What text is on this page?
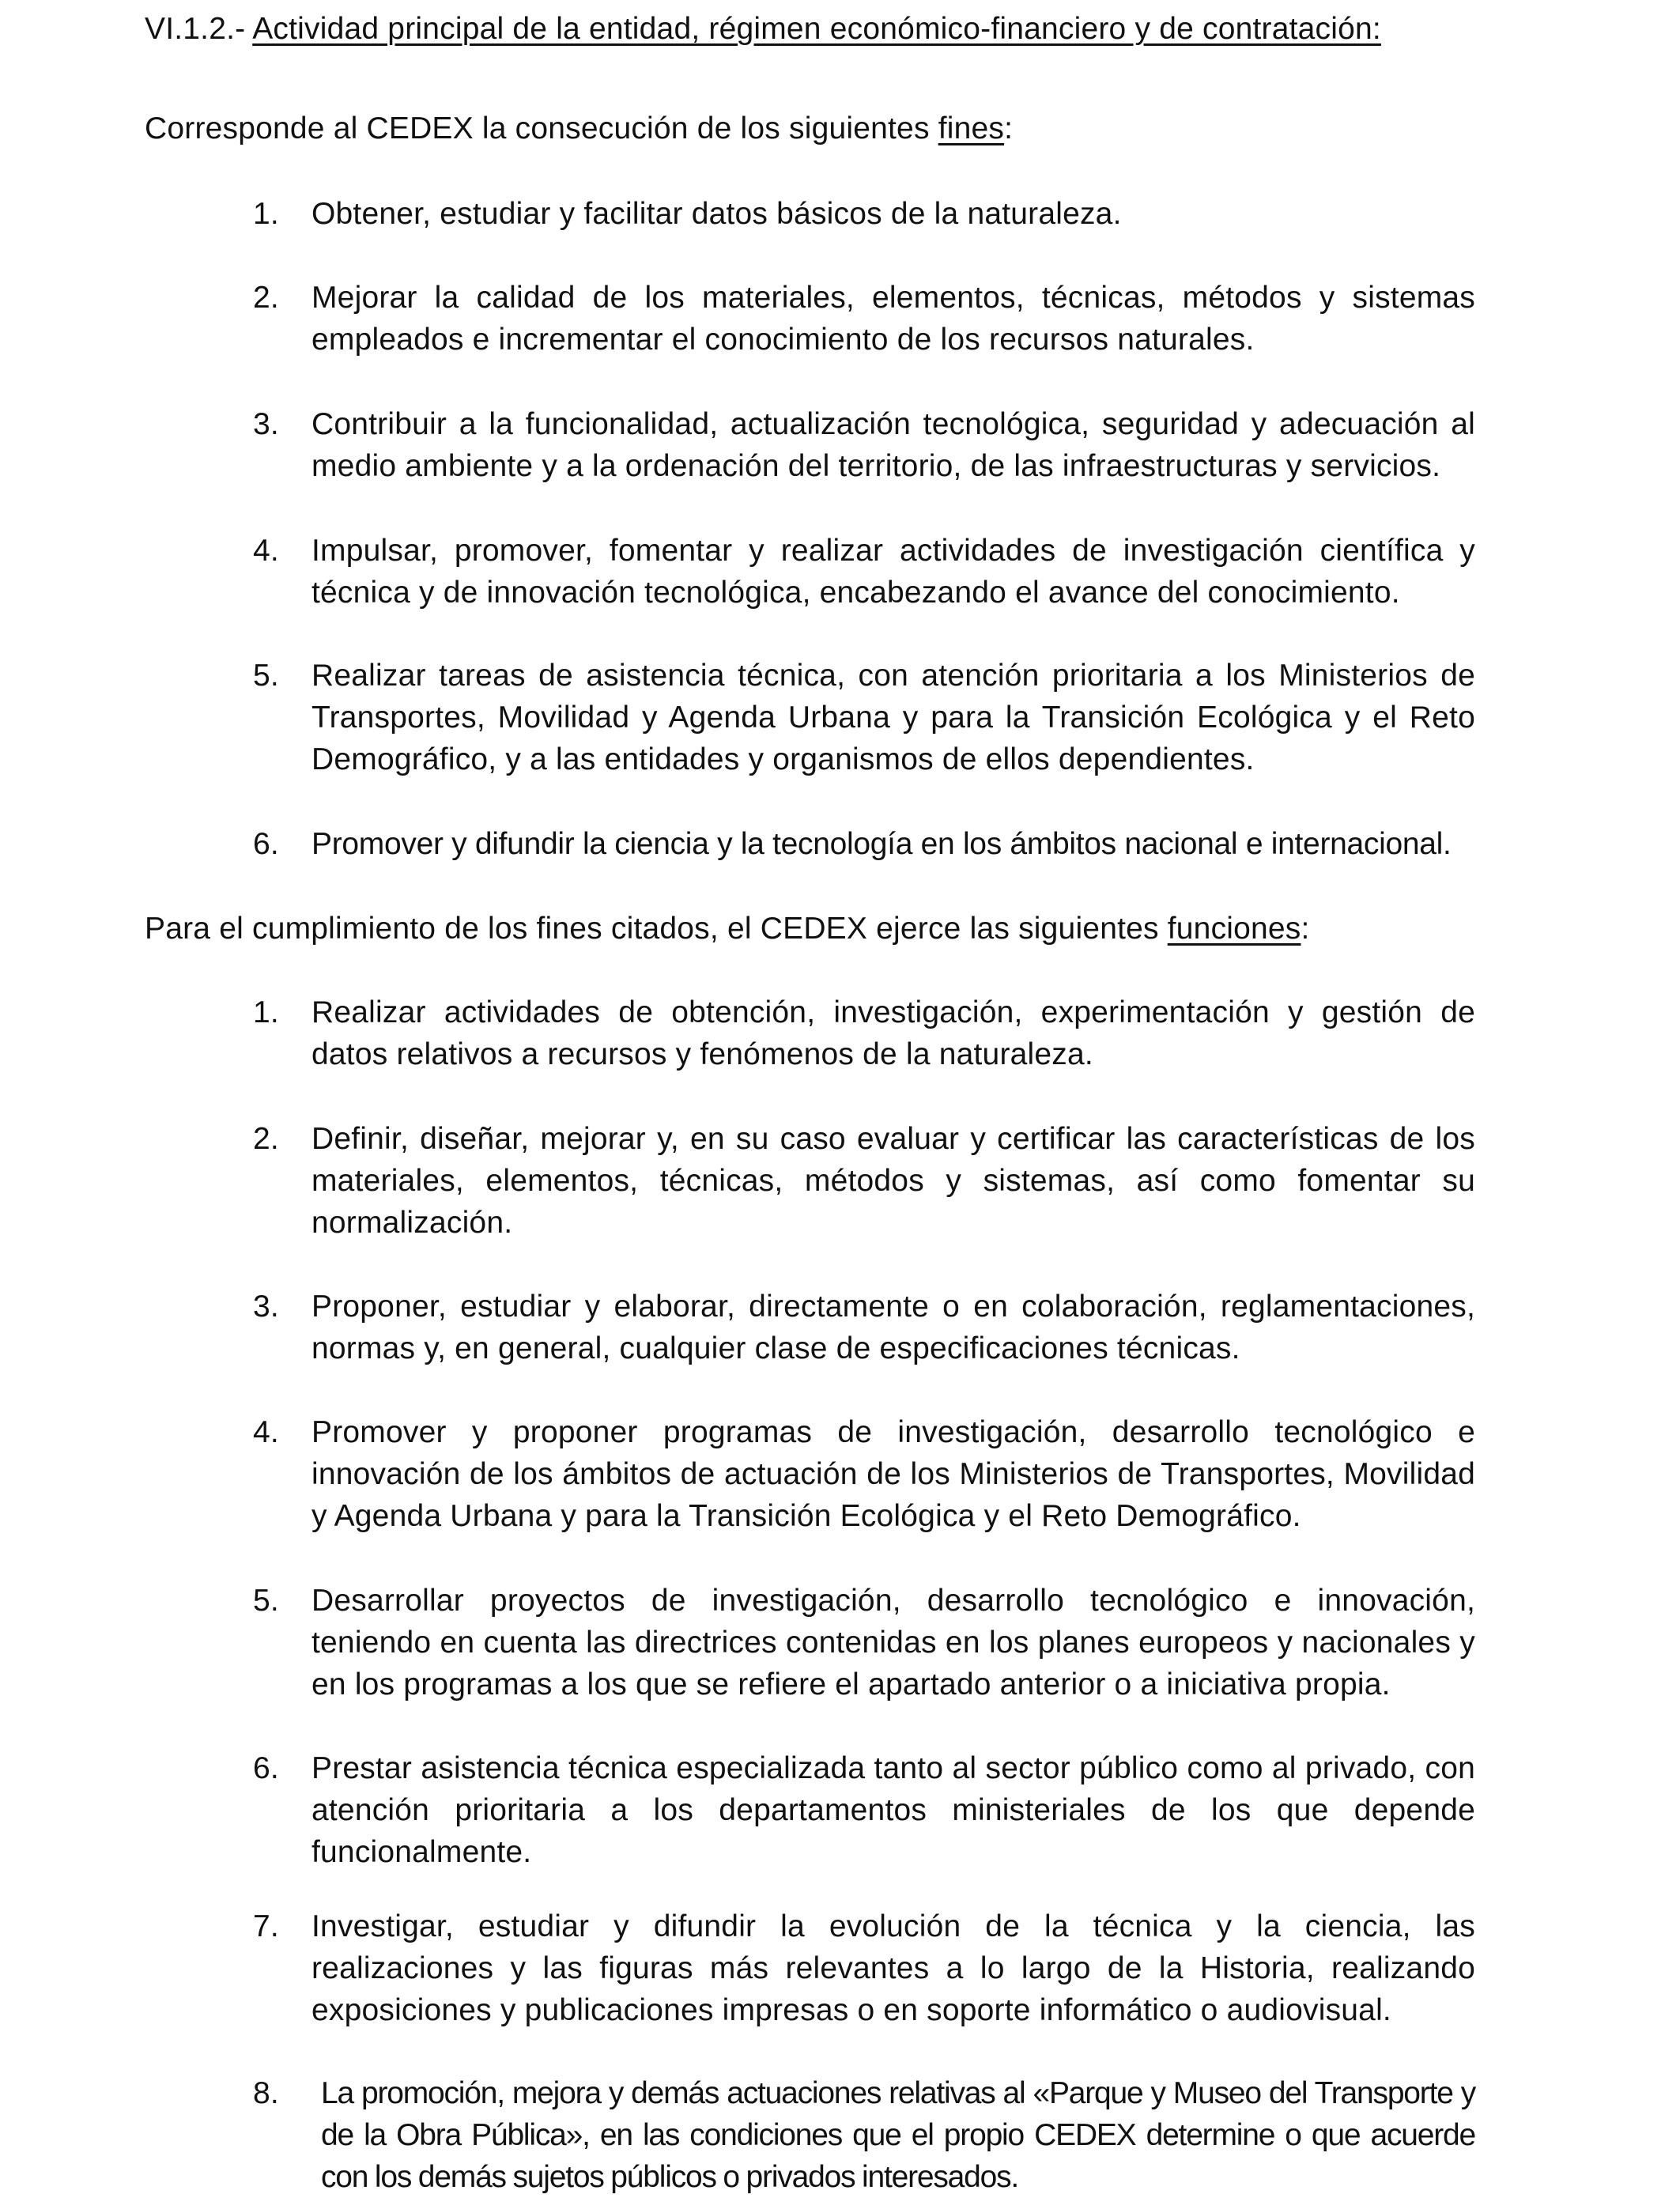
VI.1.2.- Actividad principal de la entidad, régimen económico-financiero y de contratación:
Corresponde al CEDEX la consecución de los siguientes fines:
1.	Obtener, estudiar y facilitar datos básicos de la naturaleza.
2.	Mejorar la calidad de los materiales, elementos, técnicas, métodos y sistemas empleados e incrementar el conocimiento de los recursos naturales.
3.	Contribuir a la funcionalidad, actualización tecnológica, seguridad y adecuación al medio ambiente y a la ordenación del territorio, de las infraestructuras y servicios.
4.	Impulsar, promover, fomentar y realizar actividades de investigación científica y técnica y de innovación tecnológica, encabezando el avance del conocimiento.
5.	Realizar tareas de asistencia técnica, con atención prioritaria a los Ministerios de Transportes, Movilidad y Agenda Urbana y para la Transición Ecológica y el Reto Demográfico, y a las entidades y organismos de ellos dependientes.
6.	Promover y difundir la ciencia y la tecnología en los ámbitos nacional e internacional.
Para el cumplimiento de los fines citados, el CEDEX ejerce las siguientes funciones:
1.	Realizar actividades de obtención, investigación, experimentación y gestión de datos relativos a recursos y fenómenos de la naturaleza.
2.	Definir, diseñar, mejorar y, en su caso evaluar y certificar las características de los materiales, elementos, técnicas, métodos y sistemas, así como fomentar su normalización.
3.	Proponer, estudiar y elaborar, directamente o en colaboración, reglamentaciones, normas y, en general, cualquier clase de especificaciones técnicas.
4.	Promover y proponer programas de investigación, desarrollo tecnológico e innovación de los ámbitos de actuación de los Ministerios de Transportes, Movilidad y Agenda Urbana y para la Transición Ecológica y el Reto Demográfico.
5.	Desarrollar proyectos de investigación, desarrollo tecnológico e innovación, teniendo en cuenta las directrices contenidas en los planes europeos y nacionales y en los programas a los que se refiere el apartado anterior o a iniciativa propia.
6.	Prestar asistencia técnica especializada tanto al sector público como al privado, con atención prioritaria a los departamentos ministeriales de los que depende funcionalmente.
7.	Investigar, estudiar y difundir la evolución de la técnica y la ciencia, las realizaciones y las figuras más relevantes a lo largo de la Historia, realizando exposiciones y publicaciones impresas o en soporte informático o audiovisual.
8.	La promoción, mejora y demás actuaciones relativas al «Parque y Museo del Transporte y de la Obra Pública», en las condiciones que el propio CEDEX determine o que acuerde con los demás sujetos públicos o privados interesados.
